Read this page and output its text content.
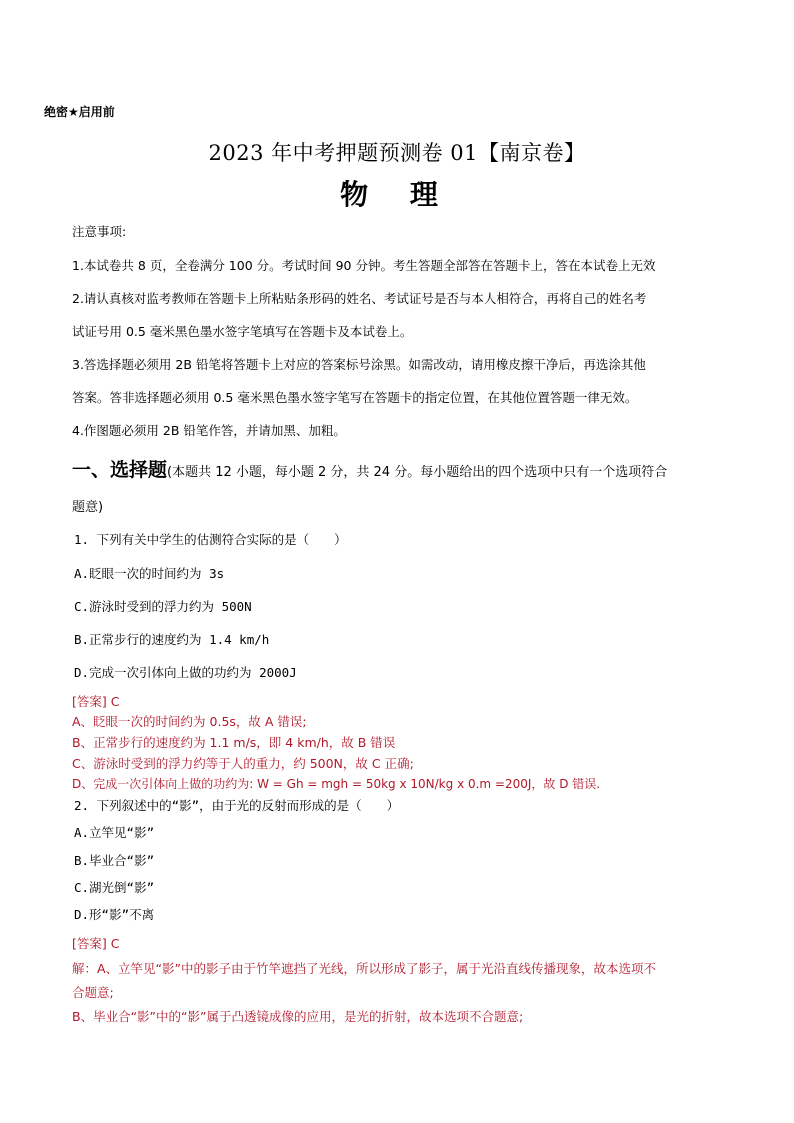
绝密★启用前
2023 年中考押题预测卷 01【南京卷】
物 理
注意事项:
1.本试卷共 8 页，全卷满分 100 分。考试时间 90 分钟。考生答题全部答在答题卡上，答在本试卷上无效
2.请认真核对监考教师在答题卡上所粘贴条形码的姓名、考试证号是否与本人相符合，再将自己的姓名考
试证号用 0.5 毫米黑色墨水签字笔填写在答题卡及本试卷上。
3.答选择题必须用 2B 铅笔将答题卡上对应的答案标号涂黑。如需改动，请用橡皮擦干净后，再选涂其他
答案。答非选择题必须用 0.5 毫米黑色墨水签字笔写在答题卡的指定位置，在其他位置答题一律无效。
4.作图题必须用 2B 铅笔作答，并请加黑、加粗。
一、选择题(本题共 12 小题，每小题 2 分，共 24 分。每小题给出的四个选项中只有一个选项符合
题意)
1. 下列有关中学生的估测符合实际的是（　　）
A.眨眼一次的时间约为 3s
C.游泳时受到的浮力约为 500N
B.正常步行的速度约为 1.4 km/h
D.完成一次引体向上做的功约为 2000J
[答案] C
A、眨眼一次的时间约为 0.5s，故 A 错误;
B、正常步行的速度约为 1.1 m/s，即 4 km/h，故 B 错误
C、游泳时受到的浮力约等于人的重力，约 500N，故 C 正确;
D、完成一次引体向上做的功约为: W = Gh = mgh = 50kg x 10N/kg x 0.m =200J，故 D 错误.
2. 下列叙述中的“影”，由于光的反射而形成的是（　　）
A.立竿见“影”
B.毕业合“影”
C.湖光倒“影”
D.形“影”不离
[答案] C
解：A、立竿见“影”中的影子由于竹竿遮挡了光线，所以形成了影子，属于光沿直线传播现象，故本选项不
合题意;
B、毕业合“影”中的“影”属于凸透镜成像的应用，是光的折射，故本选项不合题意;
